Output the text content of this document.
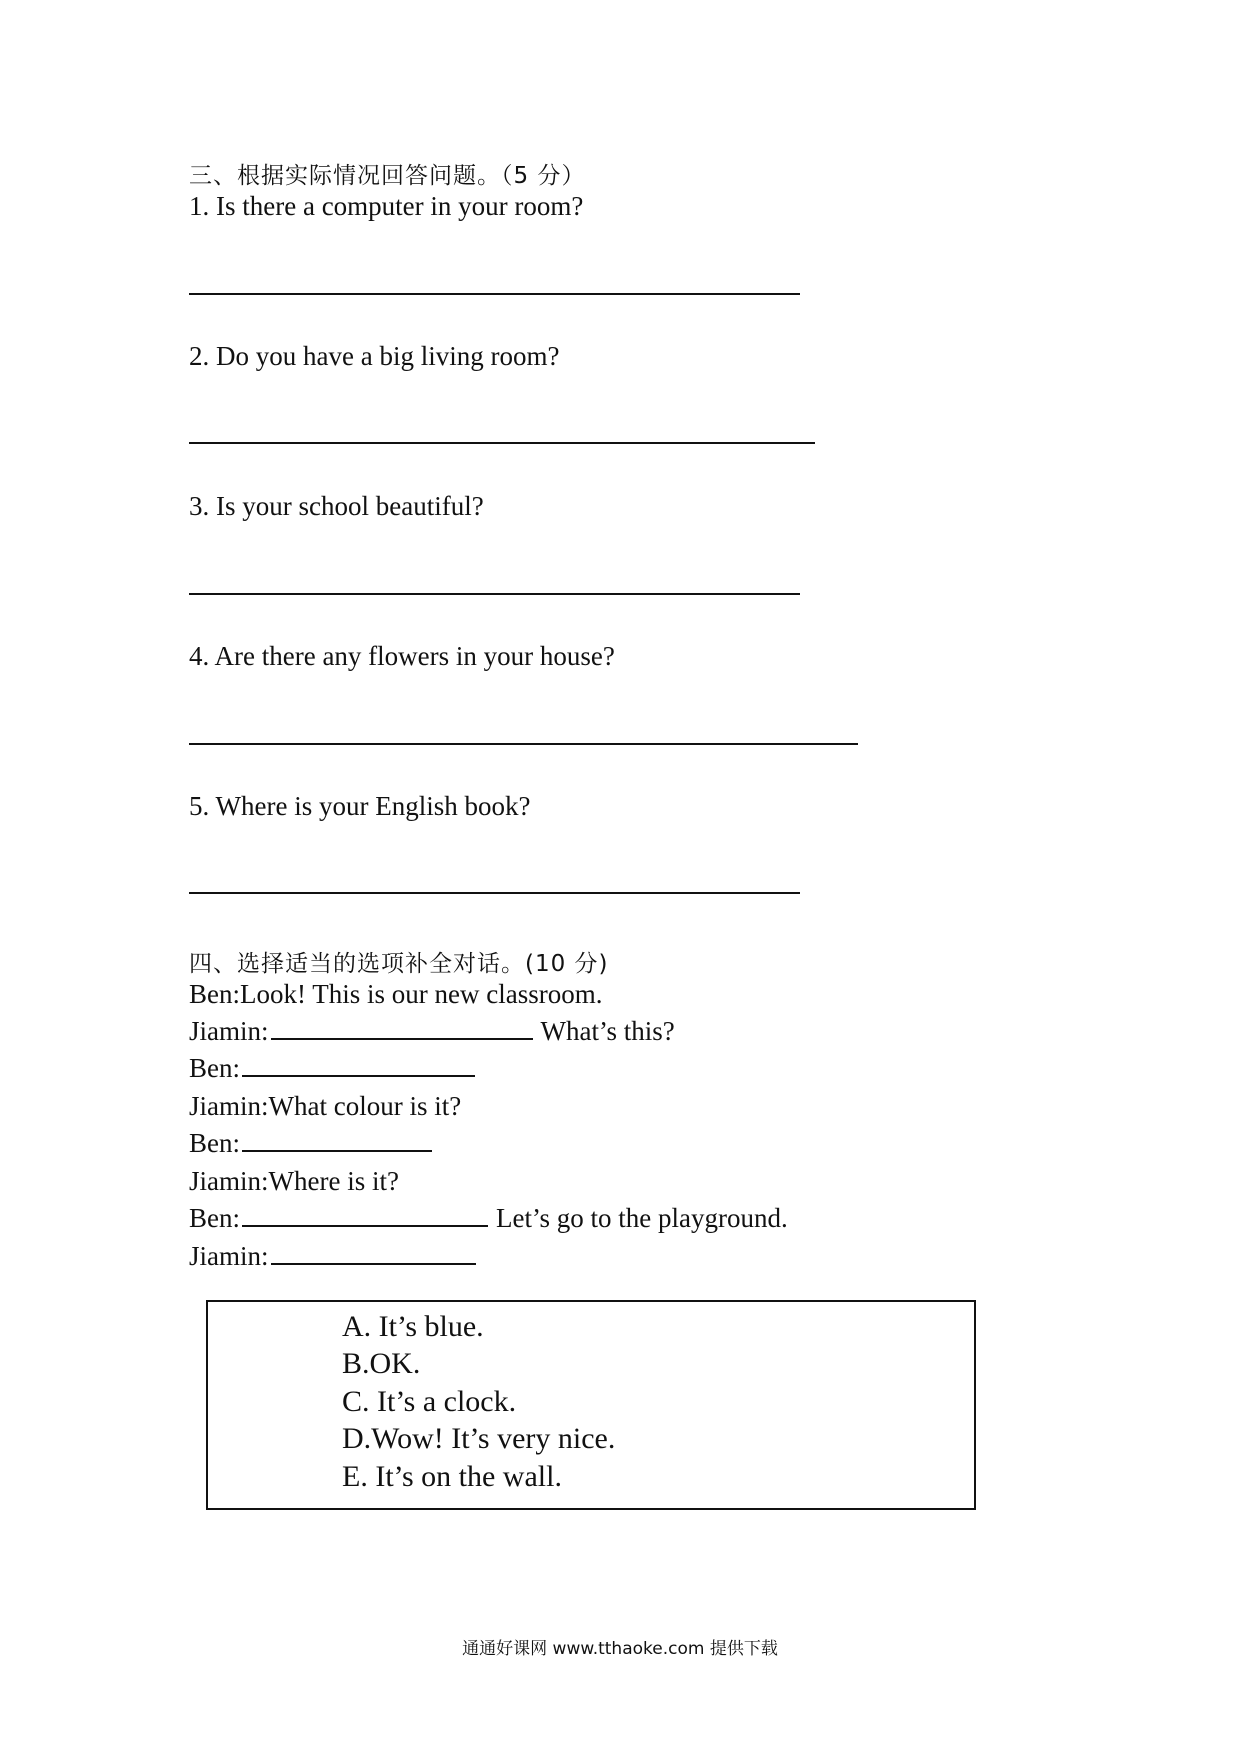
三、根据实际情况回答问题。（5 分）
1. Is there a computer in your room?
2. Do you have a big living room?
3. Is your school beautiful?
4. Are there any flowers in your house?
5. Where is your English book?
四、选择适当的选项补全对话。(10 分)
Ben: Look! This is our new classroom.
Jiamin:	What’s this?
Ben:
Jiamin: What colour is it?
Ben:
Jiamin: Where is it?
Ben:	Let’s go to the playground.
Jiamin:
A. It’s blue.
B.OK.
C. It’s a clock.
D.Wow! It’s very nice.
E. It’s on the wall.
通通好课网 www.tthaoke.com 提供下载
